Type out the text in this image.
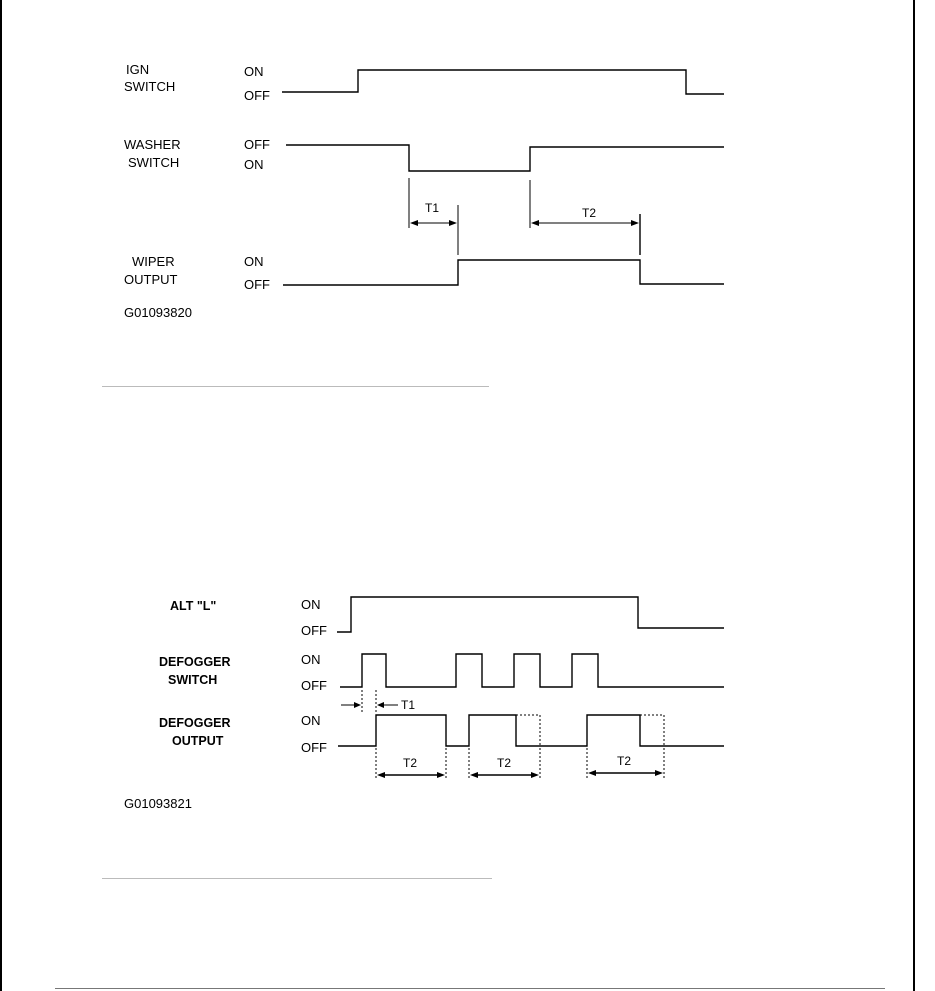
IGN
SWITCH
WASHER
SWITCH
WIPER
OUTPUT
ON
OFF
OFF
ON
ON
OFF
T1	T2
G01093820
ALT "L"
DEFOGGER
SWITCH
DEFOGGER
OUTPUT
ON
OFF
ON
OFF
ON
OFF
T1
T2	T2	T2
G01093821
